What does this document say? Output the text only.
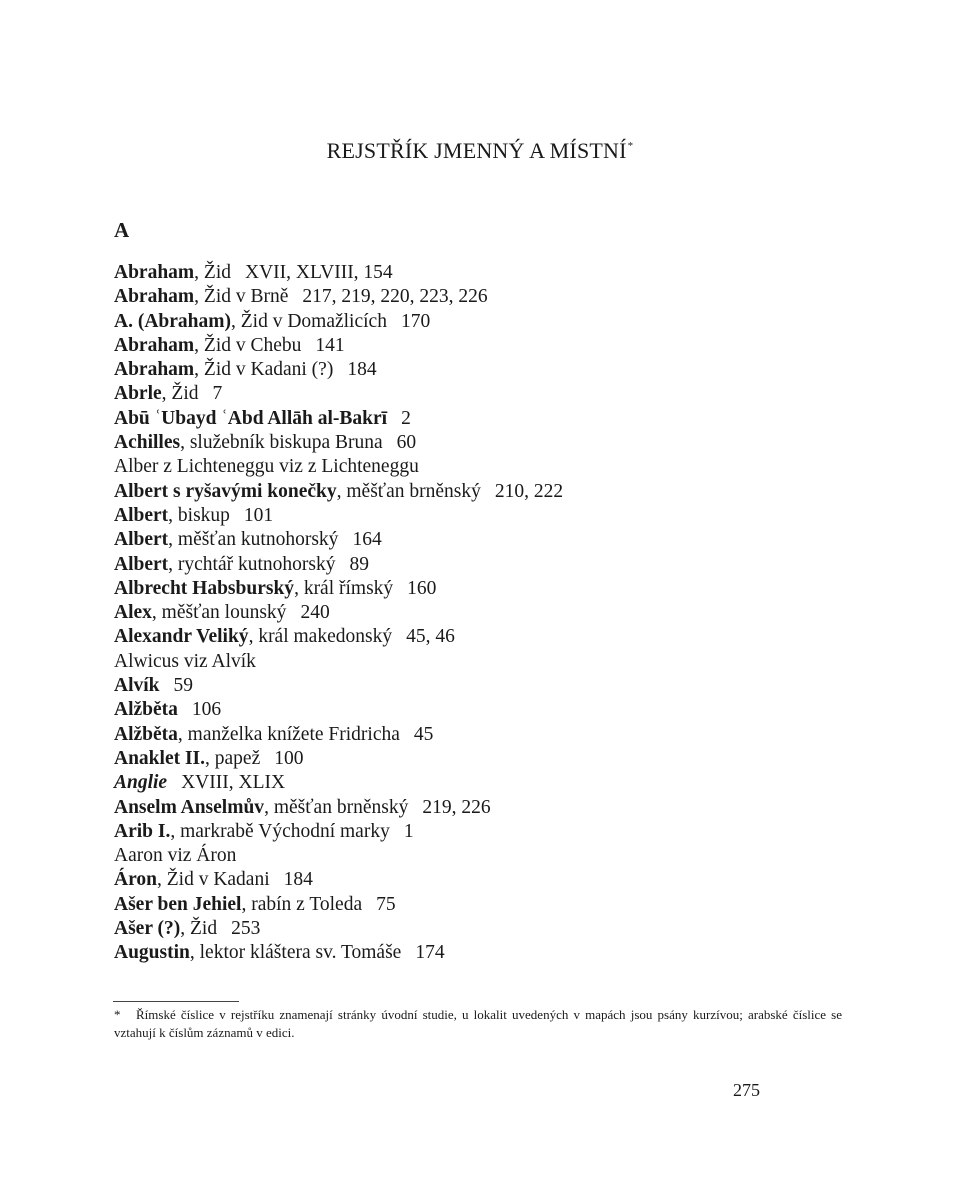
REJSTŘÍK JMENNÝ A MÍSTNÍ*
A
Abraham, Žid XVII, XLVIII, 154
Abraham, Žid v Brně 217, 219, 220, 223, 226
A. (Abraham), Žid v Domažlicích 170
Abraham, Žid v Chebu 141
Abraham, Žid v Kadani (?) 184
Abrle, Žid 7
Abū ʿUbayd ʿAbd Allāh al-Bakrī 2
Achilles, služebník biskupa Bruna 60
Alber z Lichteneggu viz z Lichteneggu
Albert s ryšavými konečky, měšťan brněnský 210, 222
Albert, biskup 101
Albert, měšťan kutnohorský 164
Albert, rychtář kutnohorský 89
Albrecht Habsburský, král římský 160
Alex, měšťan lounský 240
Alexandr Veliký, král makedonský 45, 46
Alwicus viz Alvík
Alvík 59
Alžběta 106
Alžběta, manželka knížete Fridricha 45
Anaklet II., papež 100
Anglie XVIII, XLIX
Anselm Anselmův, měšťan brněnský 219, 226
Arib I., markrabě Východní marky 1
Aaron viz Áron
Áron, Žid v Kadani 184
Ašer ben Jehiel, rabín z Toleda 75
Ašer (?), Žid 253
Augustin, lektor kláštera sv. Tomáše 174
* Římské číslice v rejstříku znamenají stránky úvodní studie, u lokalit uvedených v mapách jsou psány kurzívou; arabské číslice se vztahují k číslům záznamů v edici.
275
